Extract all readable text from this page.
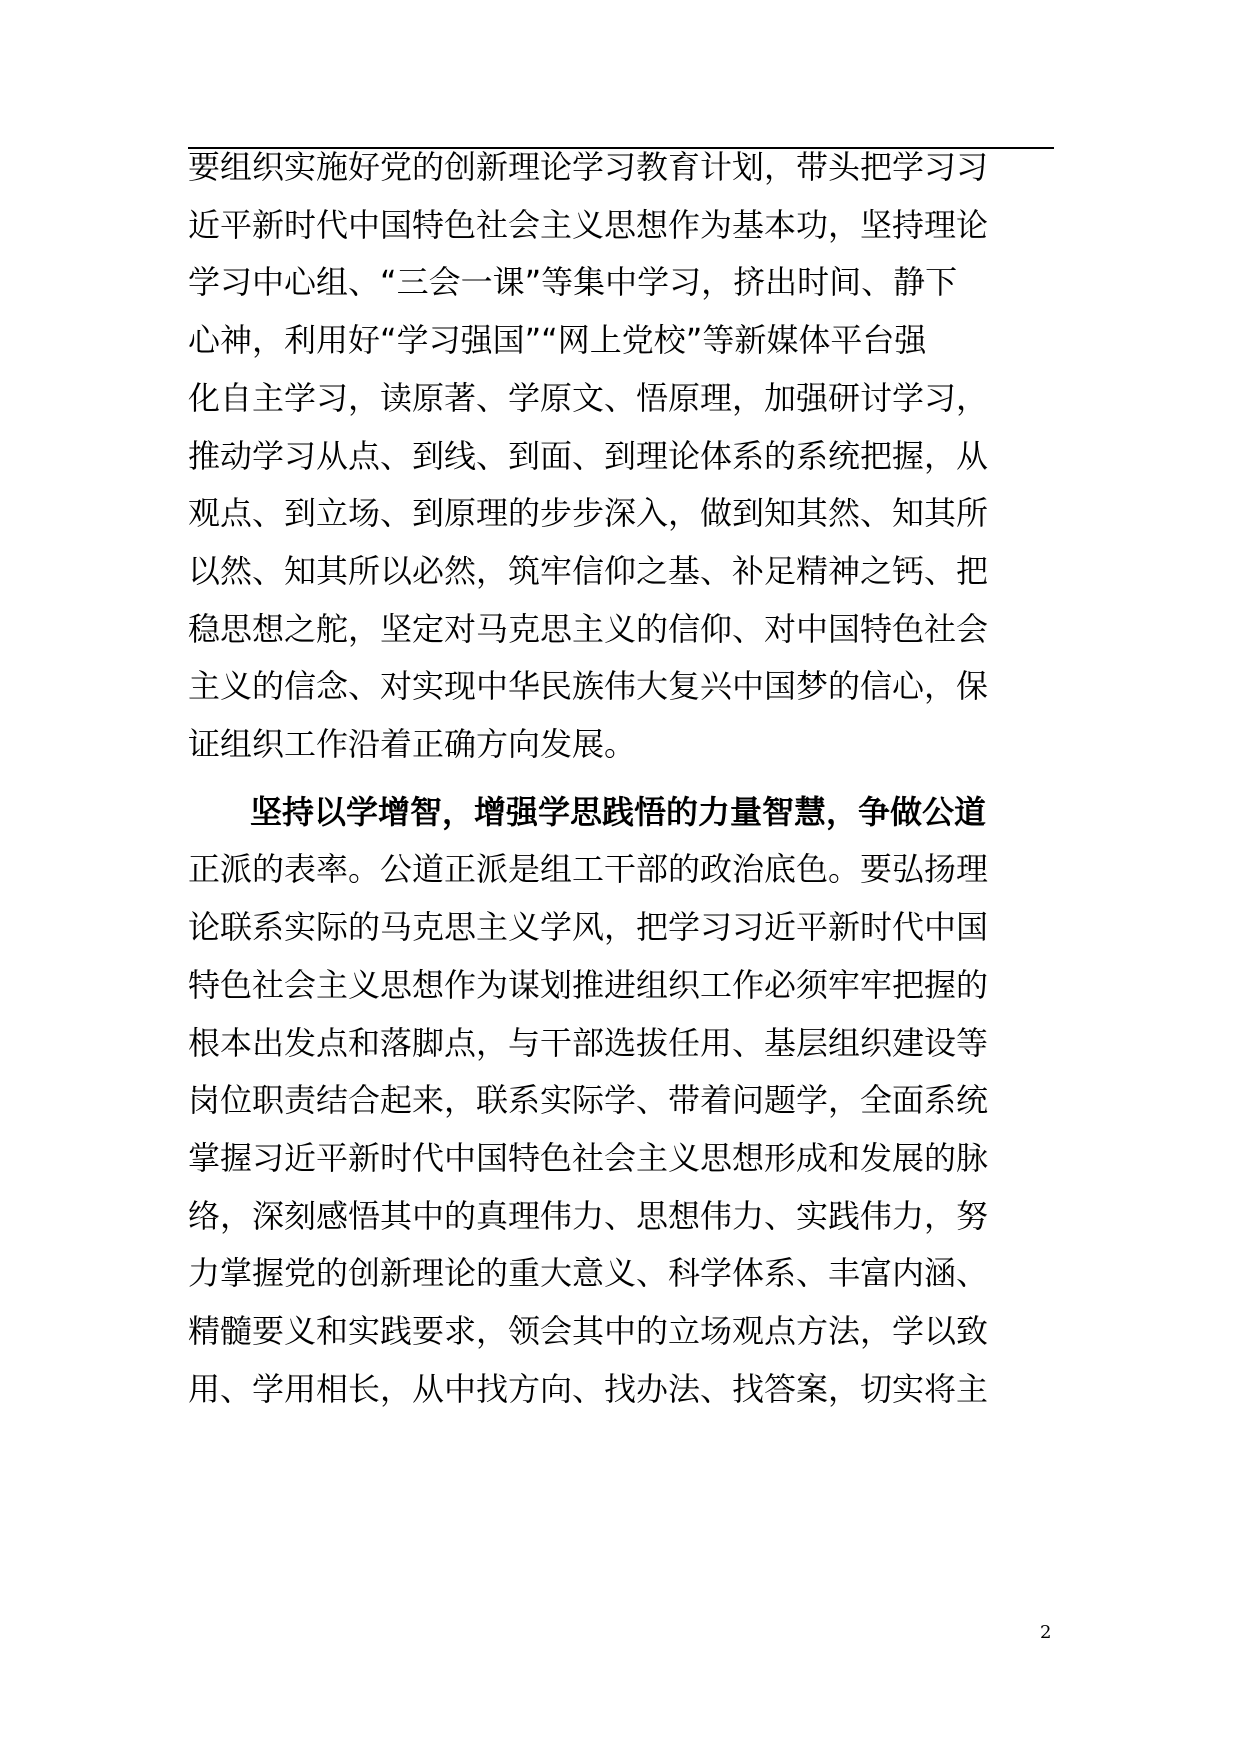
要组织实施好党的创新理论学习教育计划，带头把学习习
近平新时代中国特色社会主义思想作为基本功，坚持理论
学习中心组、“三会一课”等集中学习，挤出时间、静下
心神，利用好“学习强国”“网上党校”等新媒体平台强
化自主学习，读原著、学原文、悟原理，加强研讨学习，
推动学习从点、到线、到面、到理论体系的系统把握，从
观点、到立场、到原理的步步深入，做到知其然、知其所
以然、知其所以必然，筑牢信仰之基、补足精神之钙、把
稳思想之舵，坚定对马克思主义的信仰、对中国特色社会
主义的信念、对实现中华民族伟大复兴中国梦的信心，保
证组织工作沿着正确方向发展。
坚持以学增智，增强学思践悟的力量智慧，争做公道
正派的表率。公道正派是组工干部的政治底色。要弘扬理
论联系实际的马克思主义学风，把学习习近平新时代中国
特色社会主义思想作为谋划推进组织工作必须牢牢把握的
根本出发点和落脚点，与干部选拔任用、基层组织建设等
岗位职责结合起来，联系实际学、带着问题学，全面系统
掌握习近平新时代中国特色社会主义思想形成和发展的脉
络，深刻感悟其中的真理伟力、思想伟力、实践伟力，努
力掌握党的创新理论的重大意义、科学体系、丰富内涵、
精髓要义和实践要求，领会其中的立场观点方法，学以致
用、学用相长，从中找方向、找办法、找答案，切实将主
2
